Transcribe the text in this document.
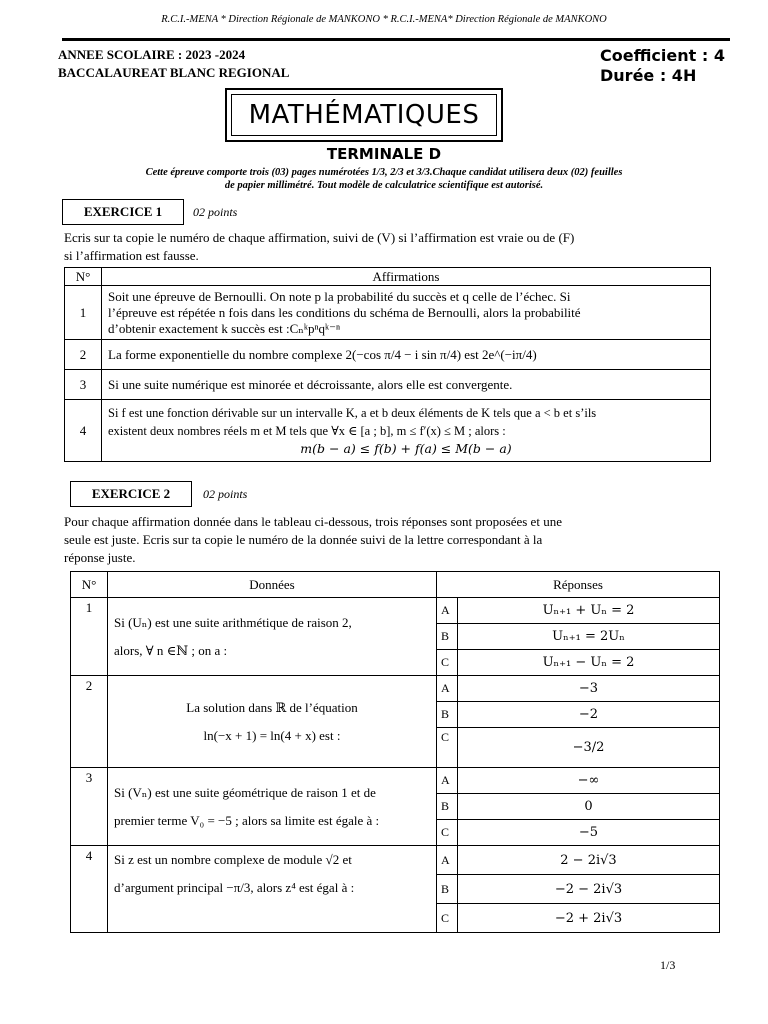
R.C.I.-MENA * Direction Régionale de MANKONO * R.C.I.-MENA* Direction Régionale de MANKONO
ANNEE SCOLAIRE : 2023 -2024
BACCALAUREAT BLANC REGIONAL
Coefficient : 4
Durée : 4H
MATHÉMATIQUES
TERMINALE D
Cette épreuve comporte trois (03) pages numérotées 1/3, 2/3 et 3/3.Chaque candidat utilisera deux (02) feuilles
de papier millimétré. Tout modèle de calculatrice scientifique est autorisé.
EXERCICE 1	02 points
Ecris sur ta copie le numéro de chaque affirmation, suivi de (V) si l’affirmation est vraie ou de (F)
si l’affirmation est fausse.
N°	Affirmations
1	Soit une épreuve de Bernoulli. On note p la probabilité du succès et q celle de l’échec. Si
l’épreuve est répétée n fois dans les conditions du schéma de Bernoulli, alors la probabilité
d’obtenir exactement k succès est :Cₙᵏpⁿqᵏ⁻ⁿ

2	La forme exponentielle du nombre complexe 2(−cos π/4 − i sin π/4) est 2e^(−iπ/4)
3	Si une suite numérique est minorée et décroissante, alors elle est convergente.
4	Si f est une fonction dérivable sur un intervalle K, a et b deux éléments de K tels que a < b et s’ils
existent deux nombres réels m et M tels que ∀x ∈ [a ; b], m ≤ f′(x) ≤ M ; alors :
m(b − a) ≤ f(b) + f(a) ≤ M(b − a)
EXERCICE 2	02 points
Pour chaque affirmation donnée dans le tableau ci-dessous, trois réponses sont proposées et une
seule est juste. Ecris sur ta copie le numéro de la donnée suivi de la lettre correspondant à la
réponse juste.
N°	Données	Réponses	
1	Si (Uₙ) est une suite arithmétique de raison 2,
alors, ∀ n ∈ℕ ; on a :	A	Uₙ₊₁ + Uₙ = 2
		B	Uₙ₊₁ = 2Uₙ
		C	Uₙ₊₁ − Uₙ = 2
2	La solution dans ℝ de l’équation
ln(−x + 1) = ln(4 + x) est :	A	−3
		B	−2
		C	−3/2
3	Si (Vₙ) est une suite géométrique de raison 1 et de
premier terme V₀ = −5 ; alors sa limite est égale à :	A	−∞
		B	0
		C	−5
4	Si z est un nombre complexe de module √2 et
d’argument principal −π/3, alors z⁴ est égal à :	A	2 − 2i√3
		B	−2 − 2i√3
		C	−2 + 2i√3
1/3
